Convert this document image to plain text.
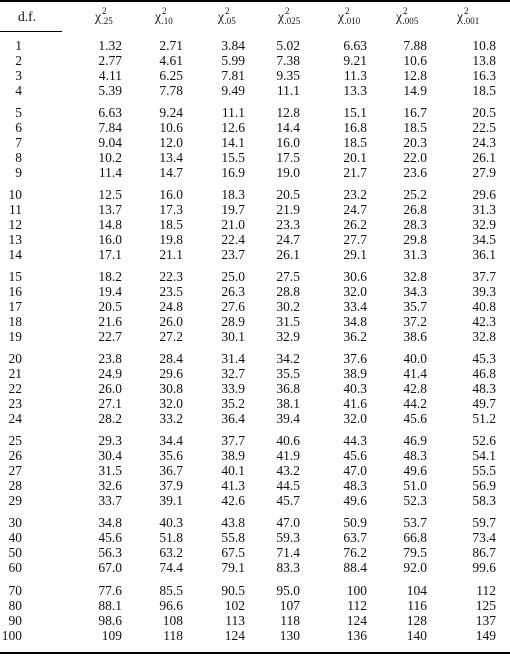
d.f.	$\chi^2_{.25}$	$\chi^2_{.10}$	$\chi^2_{.05}$	$\chi^2_{.025}$	$\chi^2_{.010}$	$\chi^2_{.005}$	$\chi^2_{.001}$
1	1.32	2.71	3.84	5.02	6.63	7.88	10.8
2	2.77	4.61	5.99	7.38	9.21	10.6	13.8
3	4.11	6.25	7.81	9.35	11.3	12.8	16.3
4	5.39	7.78	9.49	11.1	13.3	14.9	18.5
5	6.63	9.24	11.1	12.8	15.1	16.7	20.5
6	7.84	10.6	12.6	14.4	16.8	18.5	22.5
7	9.04	12.0	14.1	16.0	18.5	20.3	24.3
8	10.2	13.4	15.5	17.5	20.1	22.0	26.1
9	11.4	14.7	16.9	19.0	21.7	23.6	27.9
10	12.5	16.0	18.3	20.5	23.2	25.2	29.6
11	13.7	17.3	19.7	21.9	24.7	26.8	31.3
12	14.8	18.5	21.0	23.3	26.2	28.3	32.9
13	16.0	19.8	22.4	24.7	27.7	29.8	34.5
14	17.1	21.1	23.7	26.1	29.1	31.3	36.1
15	18.2	22.3	25.0	27.5	30.6	32.8	37.7
16	19.4	23.5	26.3	28.8	32.0	34.3	39.3
17	20.5	24.8	27.6	30.2	33.4	35.7	40.8
18	21.6	26.0	28.9	31.5	34.8	37.2	42.3
19	22.7	27.2	30.1	32.9	36.2	38.6	32.8
20	23.8	28.4	31.4	34.2	37.6	40.0	45.3
21	24.9	29.6	32.7	35.5	38.9	41.4	46.8
22	26.0	30.8	33.9	36.8	40.3	42.8	48.3
23	27.1	32.0	35.2	38.1	41.6	44.2	49.7
24	28.2	33.2	36.4	39.4	32.0	45.6	51.2
25	29.3	34.4	37.7	40.6	44.3	46.9	52.6
26	30.4	35.6	38.9	41.9	45.6	48.3	54.1
27	31.5	36.7	40.1	43.2	47.0	49.6	55.5
28	32.6	37.9	41.3	44.5	48.3	51.0	56.9
29	33.7	39.1	42.6	45.7	49.6	52.3	58.3
30	34.8	40.3	43.8	47.0	50.9	53.7	59.7
40	45.6	51.8	55.8	59.3	63.7	66.8	73.4
50	56.3	63.2	67.5	71.4	76.2	79.5	86.7
60	67.0	74.4	79.1	83.3	88.4	92.0	99.6
70	77.6	85.5	90.5	95.0	100	104	112
80	88.1	96.6	102	107	112	116	125
90	98.6	108	113	118	124	128	137
100	109	118	124	130	136	140	149
